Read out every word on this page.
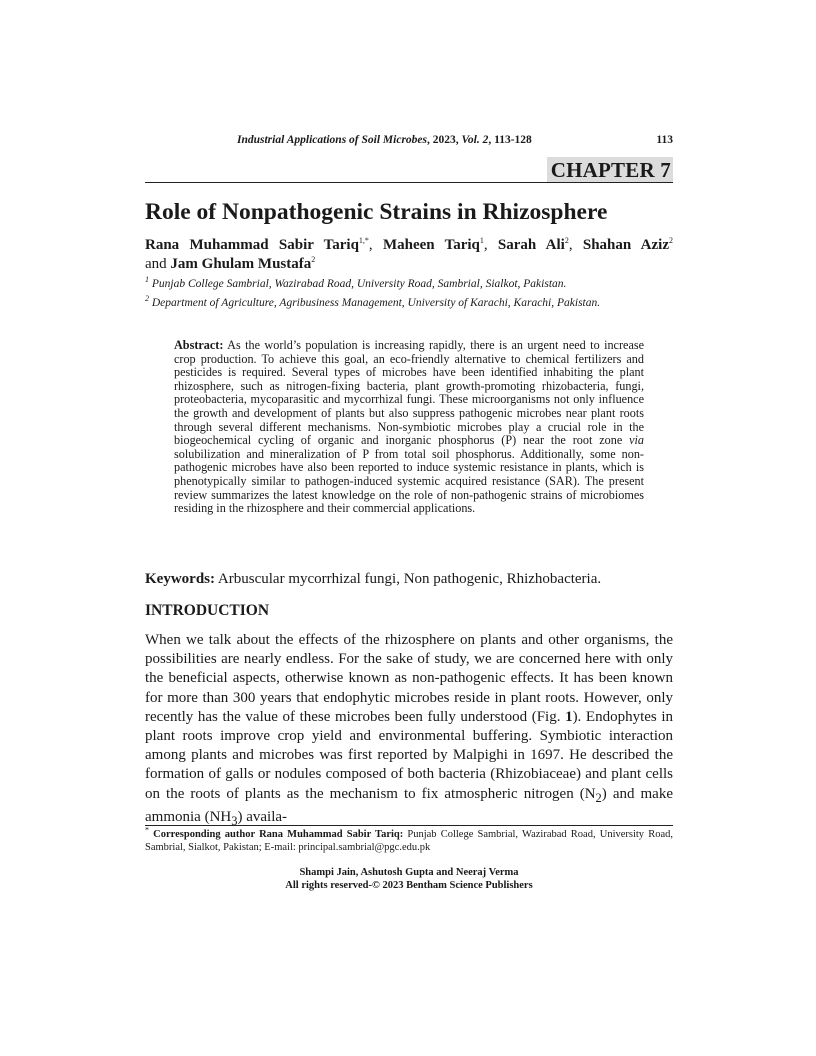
Industrial Applications of Soil Microbes, 2023, Vol. 2, 113-128	113
CHAPTER 7
Role of Nonpathogenic Strains in Rhizosphere
Rana Muhammad Sabir Tariq$^{1,*}$, Maheen Tariq$^1$, Sarah Ali$^2$, Shahan Aziz$^2$
and Jam Ghulam Mustafa$^2$
$^1$ Punjab College Sambrial, Wazirabad Road, University Road, Sambrial, Sialkot, Pakistan.
$^2$ Department of Agriculture, Agribusiness Management, University of Karachi, Karachi, Pakistan.
Abstract: As the world’s population is increasing rapidly, there is an urgent need to increase crop production. To achieve this goal, an eco-friendly alternative to chemical fertilizers and pesticides is required. Several types of microbes have been identified inhabiting the plant rhizosphere, such as nitrogen-fixing bacteria, plant growth-promoting rhizobacteria, fungi, proteobacteria, mycoparasitic and mycorrhizal fungi. These microorganisms not only influence the growth and development of plants but also suppress pathogenic microbes near plant roots through several different mechanisms. Non-symbiotic microbes play a crucial role in the biogeochemical cycling of organic and inorganic phosphorus (P) near the root zone via solubilization and mineralization of P from total soil phosphorus. Additionally, some non-pathogenic microbes have also been reported to induce systemic resistance in plants, which is phenotypically similar to pathogen-induced systemic acquired resistance (SAR). The present review summarizes the latest knowledge on the role of non-pathogenic strains of microbiomes residing in the rhizosphere and their commercial applications.
Keywords: Arbuscular mycorrhizal fungi, Non pathogenic, Rhizhobacteria.
INTRODUCTION

When we talk about the effects of the rhizosphere on plants and other organisms, the possibilities are nearly endless. For the sake of study, we are concerned here with only the beneficial aspects, otherwise known as non-pathogenic effects. It has been known for more than 300 years that endophytic microbes reside in plant roots. However, only recently has the value of these microbes been fully understood (Fig. 1). Endophytes in plant roots improve crop yield and environmental buffering. Symbiotic interaction among plants and microbes was first reported by Malpighi in 1697. He described the formation of galls or nodules composed of both bacteria (Rhizobiaceae) and plant cells on the roots of plants as the mechanism to fix atmospheric nitrogen $(N_2)$ and make ammonia $(NH_3)$ availa-

* Corresponding author Rana Muhammad Sabir Tariq: Punjab College Sambrial, Wazirabad Road, University Road, Sambrial, Sialkot, Pakistan; E-mail: principal.sambrial@pgc.edu.pk
Shampi Jain, Ashutosh Gupta and Neeraj Verma
All rights reserved-© 2023 Bentham Science Publishers
